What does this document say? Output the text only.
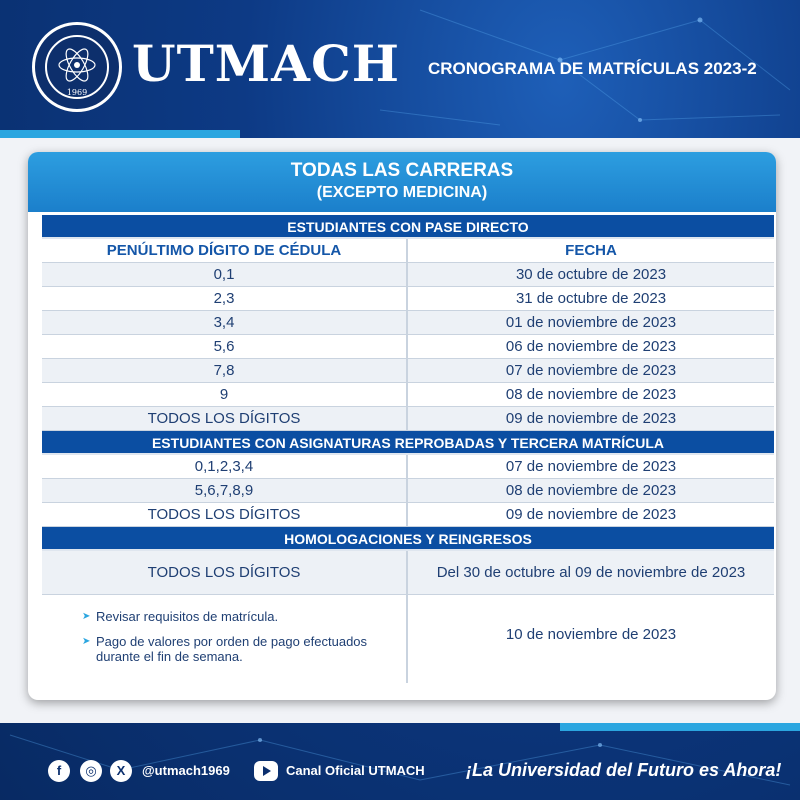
1969 UTMACH CRONOGRAMA DE MATRÍCULAS 2023-2
TODAS LAS CARRERAS
(EXCEPTO MEDICINA)
ESTUDIANTES CON PASE DIRECTO
PENÚLTIMO DÍGITO DE CÉDULA	FECHA
0,1	30 de octubre de 2023
2,3	31 de octubre de 2023
3,4	01 de noviembre de 2023
5,6	06 de noviembre de 2023
7,8	07 de noviembre de 2023
9	08 de noviembre de 2023
TODOS LOS DÍGITOS	09 de noviembre de 2023
ESTUDIANTES CON ASIGNATURAS REPROBADAS Y TERCERA MATRÍCULA
0,1,2,3,4	07 de noviembre de 2023
5,6,7,8,9	08 de noviembre de 2023
TODOS LOS DÍGITOS	09 de noviembre de 2023
HOMOLOGACIONES Y REINGRESOS
TODOS LOS DÍGITOS	Del 30 de octubre al 09 de noviembre de 2023
➤ Revisar requisitos de matrícula.
➤ Pago de valores por orden de pago efectuados durante el fin de semana.
10 de noviembre de 2023
f	◎	X	@utmach1969	Canal Oficial UTMACH ¡La Universidad del Futuro es Ahora!
